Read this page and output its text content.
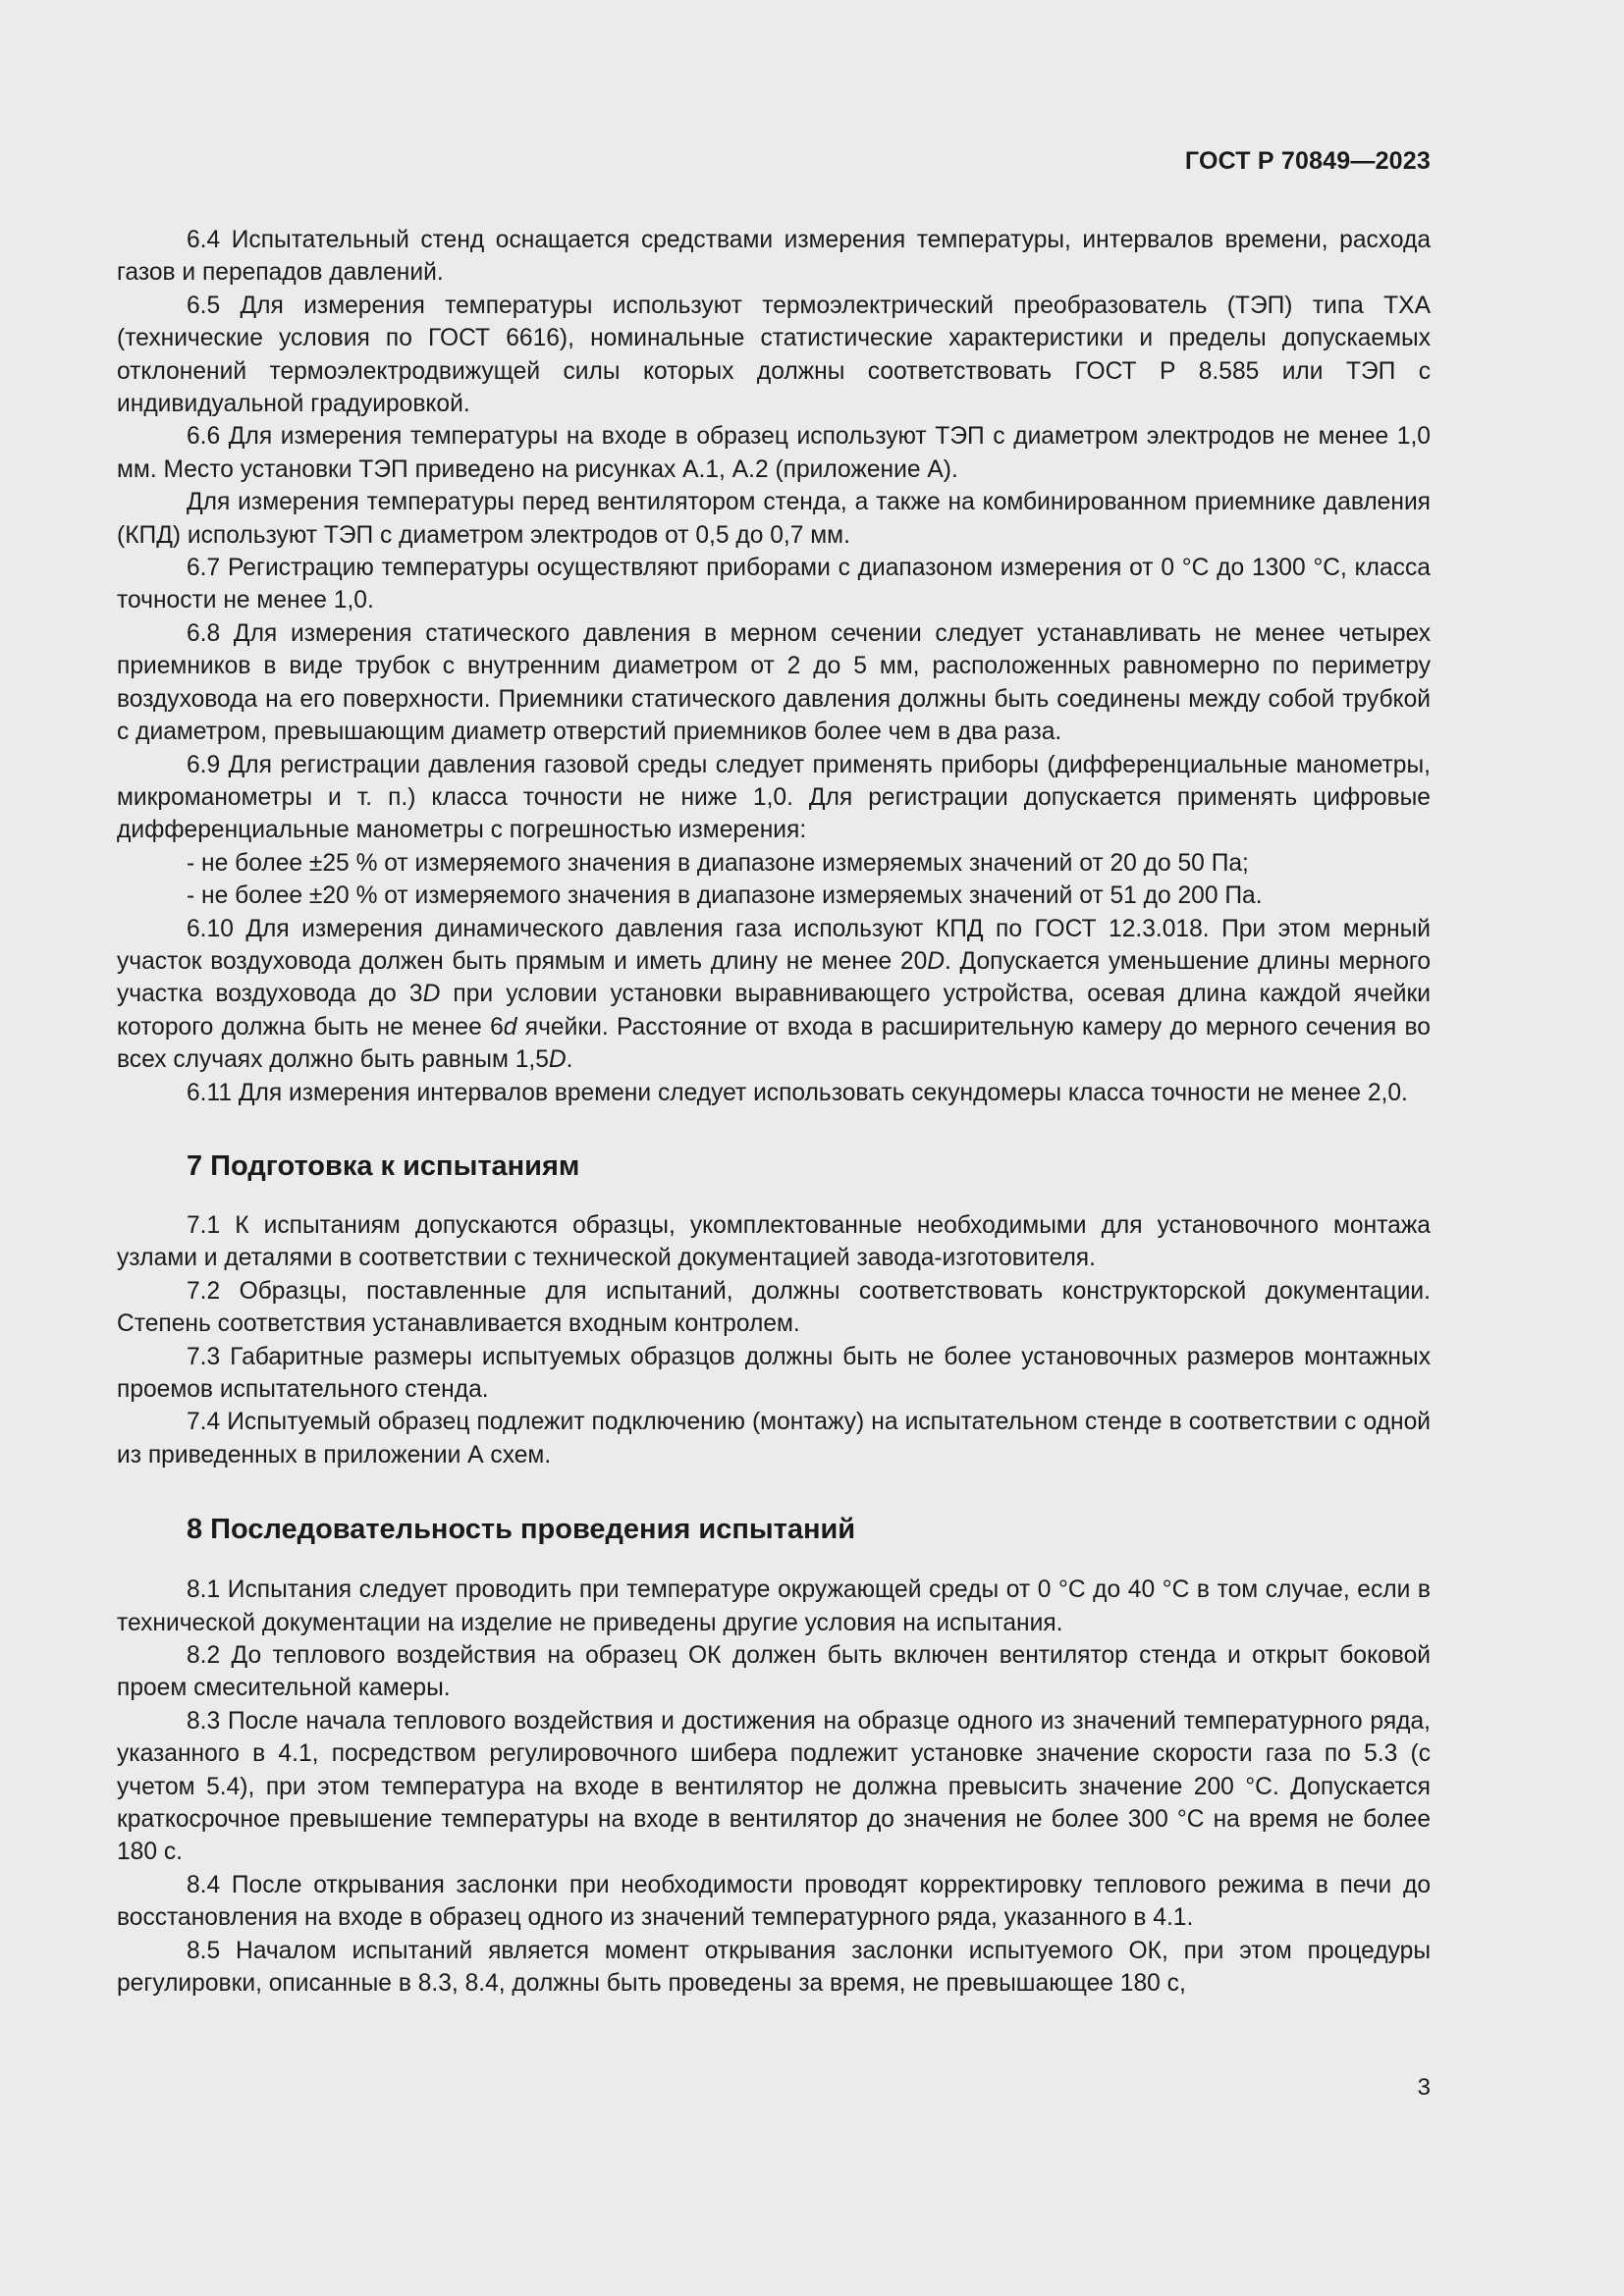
ГОСТ Р 70849—2023

6.4 Испытательный стенд оснащается средствами измерения температуры, интервалов времени, расхода газов и перепадов давлений.

6.5 Для измерения температуры используют термоэлектрический преобразователь (ТЭП) типа ТХА (технические условия по ГОСТ 6616), номинальные статистические характеристики и пределы допускаемых отклонений термоэлектродвижущей силы которых должны соответствовать ГОСТ Р 8.585 или ТЭП с индивидуальной градуировкой.

6.6 Для измерения температуры на входе в образец используют ТЭП с диаметром электродов не менее 1,0 мм. Место установки ТЭП приведено на рисунках А.1, А.2 (приложение А).

Для измерения температуры перед вентилятором стенда, а также на комбинированном приемнике давления (КПД) используют ТЭП с диаметром электродов от 0,5 до 0,7 мм.

6.7 Регистрацию температуры осуществляют приборами с диапазоном измерения от 0 °С до 1300 °С, класса точности не менее 1,0.

6.8 Для измерения статического давления в мерном сечении следует устанавливать не менее четырех приемников в виде трубок с внутренним диаметром от 2 до 5 мм, расположенных равномерно по периметру воздуховода на его поверхности. Приемники статического давления должны быть соединены между собой трубкой с диаметром, превышающим диаметр отверстий приемников более чем в два раза.

6.9 Для регистрации давления газовой среды следует применять приборы (дифференциальные манометры, микроманометры и т. п.) класса точности не ниже 1,0. Для регистрации допускается применять цифровые дифференциальные манометры с погрешностью измерения:

- не более ±25 % от измеряемого значения в диапазоне измеряемых значений от 20 до 50 Па;

- не более ±20 % от измеряемого значения в диапазоне измеряемых значений от 51 до 200 Па.

6.10 Для измерения динамического давления газа используют КПД по ГОСТ 12.3.018. При этом мерный участок воздуховода должен быть прямым и иметь длину не менее 20D. Допускается уменьшение длины мерного участка воздуховода до 3D при условии установки выравнивающего устройства, осевая длина каждой ячейки которого должна быть не менее 6d ячейки. Расстояние от входа в расширительную камеру до мерного сечения во всех случаях должно быть равным 1,5D.

6.11 Для измерения интервалов времени следует использовать секундомеры класса точности не менее 2,0.

7 Подготовка к испытаниям

7.1 К испытаниям допускаются образцы, укомплектованные необходимыми для установочного монтажа узлами и деталями в соответствии с технической документацией завода-изготовителя.

7.2 Образцы, поставленные для испытаний, должны соответствовать конструкторской документации. Степень соответствия устанавливается входным контролем.

7.3 Габаритные размеры испытуемых образцов должны быть не более установочных размеров монтажных проемов испытательного стенда.

7.4 Испытуемый образец подлежит подключению (монтажу) на испытательном стенде в соответствии с одной из приведенных в приложении А схем.

8 Последовательность проведения испытаний

8.1 Испытания следует проводить при температуре окружающей среды от 0 °С до 40 °С в том случае, если в технической документации на изделие не приведены другие условия на испытания.

8.2 До теплового воздействия на образец ОК должен быть включен вентилятор стенда и открыт боковой проем смесительной камеры.

8.3 После начала теплового воздействия и достижения на образце одного из значений температурного ряда, указанного в 4.1, посредством регулировочного шибера подлежит установке значение скорости газа по 5.3 (с учетом 5.4), при этом температура на входе в вентилятор не должна превысить значение 200 °С. Допускается краткосрочное превышение температуры на входе в вентилятор до значения не более 300 °С на время не более 180 с.

8.4 После открывания заслонки при необходимости проводят корректировку теплового режима в печи до восстановления на входе в образец одного из значений температурного ряда, указанного в 4.1.

8.5 Началом испытаний является момент открывания заслонки испытуемого ОК, при этом процедуры регулировки, описанные в 8.3, 8.4, должны быть проведены за время, не превышающее 180 с,

3
